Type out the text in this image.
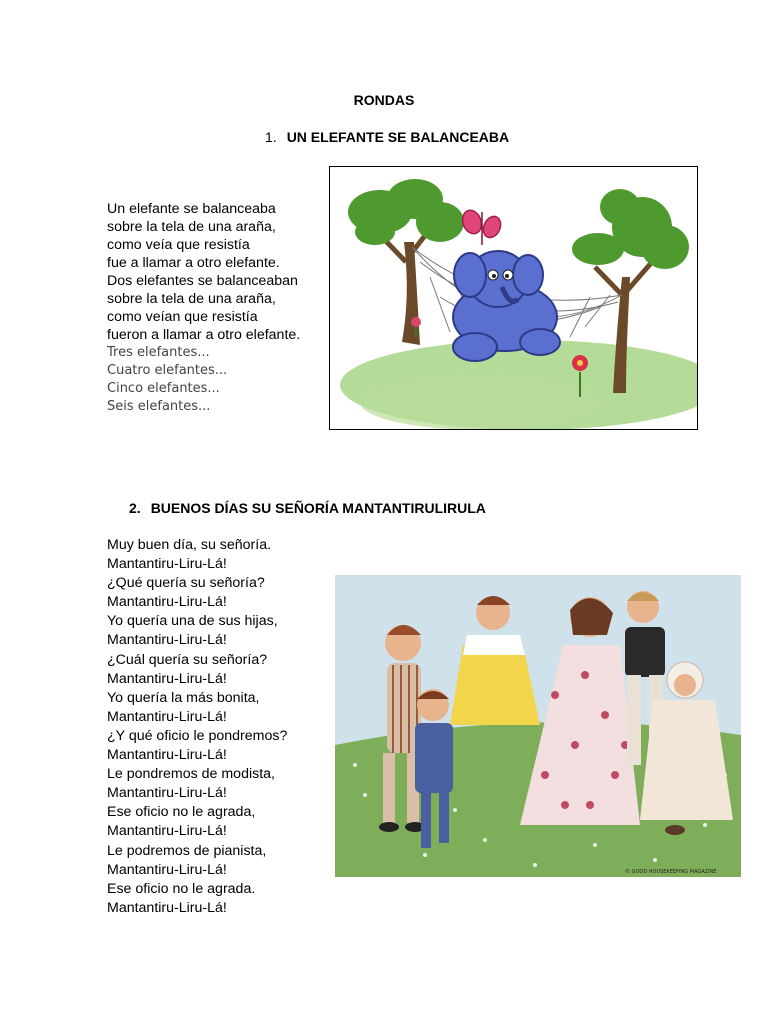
RONDAS
1. UN ELEFANTE SE BALANCEABA
Un elefante se balanceaba
sobre la tela de una araña,
como veía que resistía
fue a llamar a otro elefante.
Dos elefantes se balanceaban
sobre la tela de una araña,
como veían que resistía
fueron a llamar a otro elefante.
Tres elefantes...
Cuatro elefantes...
Cinco elefantes...
Seis elefantes...
2. BUENOS DÍAS SU SEÑORÍA MANTANTIRULIRULA
Muy buen día, su señoría.
Mantantiru-Liru-Lá!
¿Qué quería su señoría?
Mantantiru-Liru-Lá!
Yo quería una de sus hijas,
Mantantiru-Liru-Lá!
¿Cuál quería su señoría?
Mantantiru-Liru-Lá!
Yo quería la más bonita,
Mantantiru-Liru-Lá!
¿Y qué oficio le pondremos?
Mantantiru-Liru-Lá!
Le pondremos de modista,
Mantantiru-Liru-Lá!
Ese oficio no le agrada,
Mantantiru-Liru-Lá!
Le podremos de pianista,
Mantantiru-Liru-Lá!
Ese oficio no le agrada.
Mantantiru-Liru-Lá!
© GOOD HOUSEKEEPING MAGAZINE
